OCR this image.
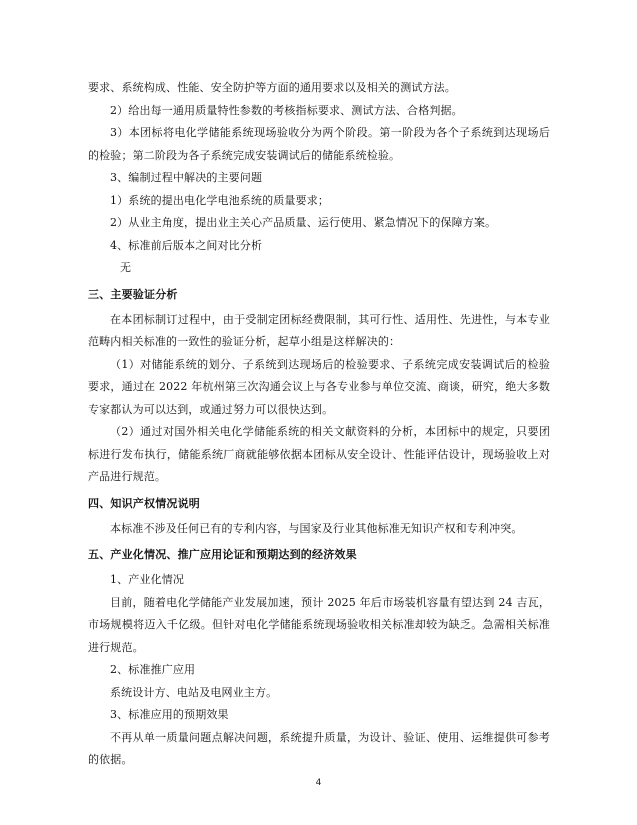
要求、系统构成、性能、安全防护等方面的通用要求以及相关的测试方法。

2）给出每一通用质量特性参数的考核指标要求、测试方法、合格判据。

3）本团标将电化学储能系统现场验收分为两个阶段。第一阶段为各个子系统到达现场后的检验；第二阶段为各子系统完成安装调试后的储能系统检验。

3、编制过程中解决的主要问题

1）系统的提出电化学电池系统的质量要求；

2）从业主角度，提出业主关心产品质量、运行使用、紧急情况下的保障方案。

4、标准前后版本之间对比分析

无

三、主要验证分析

在本团标制订过程中，由于受制定团标经费限制，其可行性、适用性、先进性，与本专业范畴内相关标准的一致性的验证分析，起草小组是这样解决的：

（1）对储能系统的划分、子系统到达现场后的检验要求、子系统完成安装调试后的检验要求，通过在 2022 年杭州第三次沟通会议上与各专业参与单位交流、商谈，研究，绝大多数专家都认为可以达到，或通过努力可以很快达到。

（2）通过对国外相关电化学储能系统的相关文献资料的分析，本团标中的规定，只要团标进行发布执行，储能系统厂商就能够依据本团标从安全设计、性能评估设计，现场验收上对产品进行规范。

四、知识产权情况说明

本标准不涉及任何已有的专利内容，与国家及行业其他标准无知识产权和专利冲突。

五、产业化情况、推广应用论证和预期达到的经济效果

1、产业化情况

目前，随着电化学储能产业发展加速，预计 2025 年后市场装机容量有望达到 24 吉瓦，市场规模将迈入千亿级。但针对电化学储能系统现场验收相关标准却较为缺乏。急需相关标准进行规范。

2、标准推广应用

系统设计方、电站及电网业主方。

3、标准应用的预期效果

不再从单一质量问题点解决问题，系统提升质量，为设计、验证、使用、运维提供可参考的依据。

4
